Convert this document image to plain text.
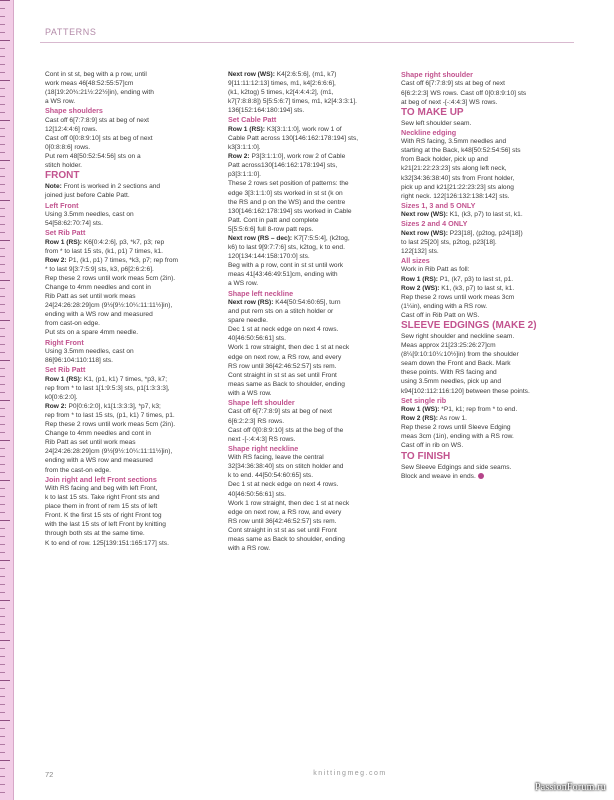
PATTERNS

Cont in st st, beg with a p row, until

work meas 46[48:52:55:57]cm

(18[19:20¾:21½:22½]in), ending with

a WS row.

Shape shoulders

Cast off 6[7:7:8:9] sts at beg of next

12[12:4:4:6] rows.

Cast off 0[0:8:9:10] sts at beg of next

0[0:8:8:6] rows.

Put rem 48[50:52:54:56] sts on a

stitch holder.

FRONT

Note: Front is worked in 2 sections and

joined just before Cable Patt.

Left Front

Using 3.5mm needles, cast on

54[58:62:70:74] sts.

Set Rib Patt

Row 1 (RS): K6[0:4:2:6], p3, *k7, p3; rep

from * to last 15 sts, (k1, p1) 7 times, k1.

Row 2: P1, (k1, p1) 7 times, *k3, p7; rep from

* to last 9[3:7:5:9] sts, k3, p6[2:6:2:6].

Rep these 2 rows until work meas 5cm (2in).

Change to 4mm needles and cont in

Rib Patt as set until work meas

24[24:26:28:29]cm (9½[9½:10¼:11:11½]in),

ending with a WS row and measured

from cast-on edge.

Put sts on a spare 4mm needle.

Right Front

Using 3.5mm needles, cast on

86[96:104:110:118] sts.

Set Rib Patt

Row 1 (RS): K1, (p1, k1) 7 times, *p3, k7;

rep from * to last 1[1:9:5:3] sts, p1[1:3:3:3],

k0[0:6:2:0].

Row 2: P0[0:6:2:0], k1[1:3:3:3], *p7, k3;

rep from * to last 15 sts, (p1, k1) 7 times, p1.

Rep these 2 rows until work meas 5cm (2in).

Change to 4mm needles and cont in

Rib Patt as set until work meas

24[24:26:28:29]cm (9½[9½:10¼:11:11½]in),

ending with a WS row and measured

from the cast-on edge.

Join right and left Front sections

With RS facing and beg with left Front,

k to last 15 sts. Take right Front sts and

place them in front of rem 15 sts of left

Front. K the first 15 sts of right Front tog

with the last 15 sts of left Front by knitting

through both sts at the same time.

K to end of row. 125[139:151:165:177] sts.

Next row (WS): K4[2:6:5:6], (m1, k7)

9[11:11:12:13] times, m1, k4[2:6:6:6],

(k1, k2tog) 5 times, k2[4:4:4:2], (m1,

k7[7:8:8:8]) 5[5:5:6:7] times, m1, k2[4:3:3:1].

136[152:164:180:194] sts.

Set Cable Patt

Row 1 (RS): K3[3:1:1:0], work row 1 of

Cable Patt across 130[146:162:178:194] sts,

k3[3:1:1:0].

Row 2: P3[3:1:1:0], work row 2 of Cable

Patt across130[146:162:178:194] sts,

p3[3:1:1:0].

These 2 rows set position of patterns: the

edge 3[3:1:1:0] sts worked in st st (k on

the RS and p on the WS) and the centre

130[146:162:178:194] sts worked in Cable

Patt. Cont in patt and complete

5[5:5:6:6] full 8-row patt reps.

Next row (RS – dec): K7[7:5:5:4], (k2tog,

k6) to last 9[9:7:7:6] sts, k2tog, k to end.

120[134:144:158:170:0] sts.

Beg with a p row, cont in st st until work

meas 41[43:46:49:51]cm, ending with

a WS row.

Shape left neckline

Next row (RS): K44[50:54:60:65], turn

and put rem sts on a stitch holder or

spare needle.

Dec 1 st at neck edge on next 4 rows.

40[46:50:56:61] sts.

Work 1 row straight, then dec 1 st at neck

edge on next row, a RS row, and every

RS row until 36[42:46:52:57] sts rem.

Cont straight in st st as set until Front

meas same as Back to shoulder, ending

with a WS row.

Shape left shoulder

Cast off 6[7:7:8:9] sts at beg of next

6[6:2:2:3] RS rows.

Cast off 0[0:8:9:10] sts at the beg of the

next -[-:4:4:3] RS rows.

Shape right neckline

With RS facing, leave the central

32[34:36:38:40] sts on stitch holder and

k to end. 44[50:54:60:65] sts.

Dec 1 st at neck edge on next 4 rows.

40[46:50:56:61] sts.

Work 1 row straight, then dec 1 st at neck

edge on next row, a RS row, and every

RS row until 36[42:46:52:57] sts rem.

Cont straight in st st as set until Front

meas same as Back to shoulder, ending

with a RS row.

Shape right shoulder

Cast off 6[7:7:8:9] sts at beg of next

6[6:2:2:3] WS rows. Cast off 0[0:8:9:10] sts

at beg of next -[-:4:4:3] WS rows.

TO MAKE UP

Sew left shoulder seam.

Neckline edging

With RS facing, 3.5mm needles and

starting at the Back, k48[50:52:54:56] sts

from Back holder, pick up and

k21[21:22:23:23] sts along left neck,

k32[34:36:38:40] sts from Front holder,

pick up and k21[21:22:23:23] sts along

right neck. 122[126:132:138:142] sts.

Sizes 1, 3 and 5 ONLY

Next row (WS): K1, (k3, p7) to last st, k1.

Sizes 2 and 4 ONLY

Next row (WS): P23[18], (p2tog, p24[18])

to last 25[20] sts, p2tog, p23[18].

122[132] sts.

All sizes

Work in Rib Patt as foll:

Row 1 (RS): P1, (k7, p3) to last st, p1.

Row 2 (WS): K1, (k3, p7) to last st, k1.

Rep these 2 rows until work meas 3cm

(1¼in), ending with a RS row.

Cast off in Rib Patt on WS.

SLEEVE EDGINGS (MAKE 2)

Sew right shoulder and neckline seam.

Meas approx 21[23:25:26:27]cm

(8¼[9:10:10¼:10½]in) from the shoulder

seam down the Front and Back. Mark

these points. With RS facing and

using 3.5mm needles, pick up and

k94[102:112:116:120] between these points.

Set single rib

Row 1 (WS): *P1, k1; rep from * to end.

Row 2 (RS): As row 1.

Rep these 2 rows until Sleeve Edging

meas 3cm (1in), ending with a RS row.

Cast off in rib on WS.

TO FINISH

Sew Sleeve Edgings and side seams.

Block and weave in ends.

72	knittingmeg.com
PassionForum.ru
